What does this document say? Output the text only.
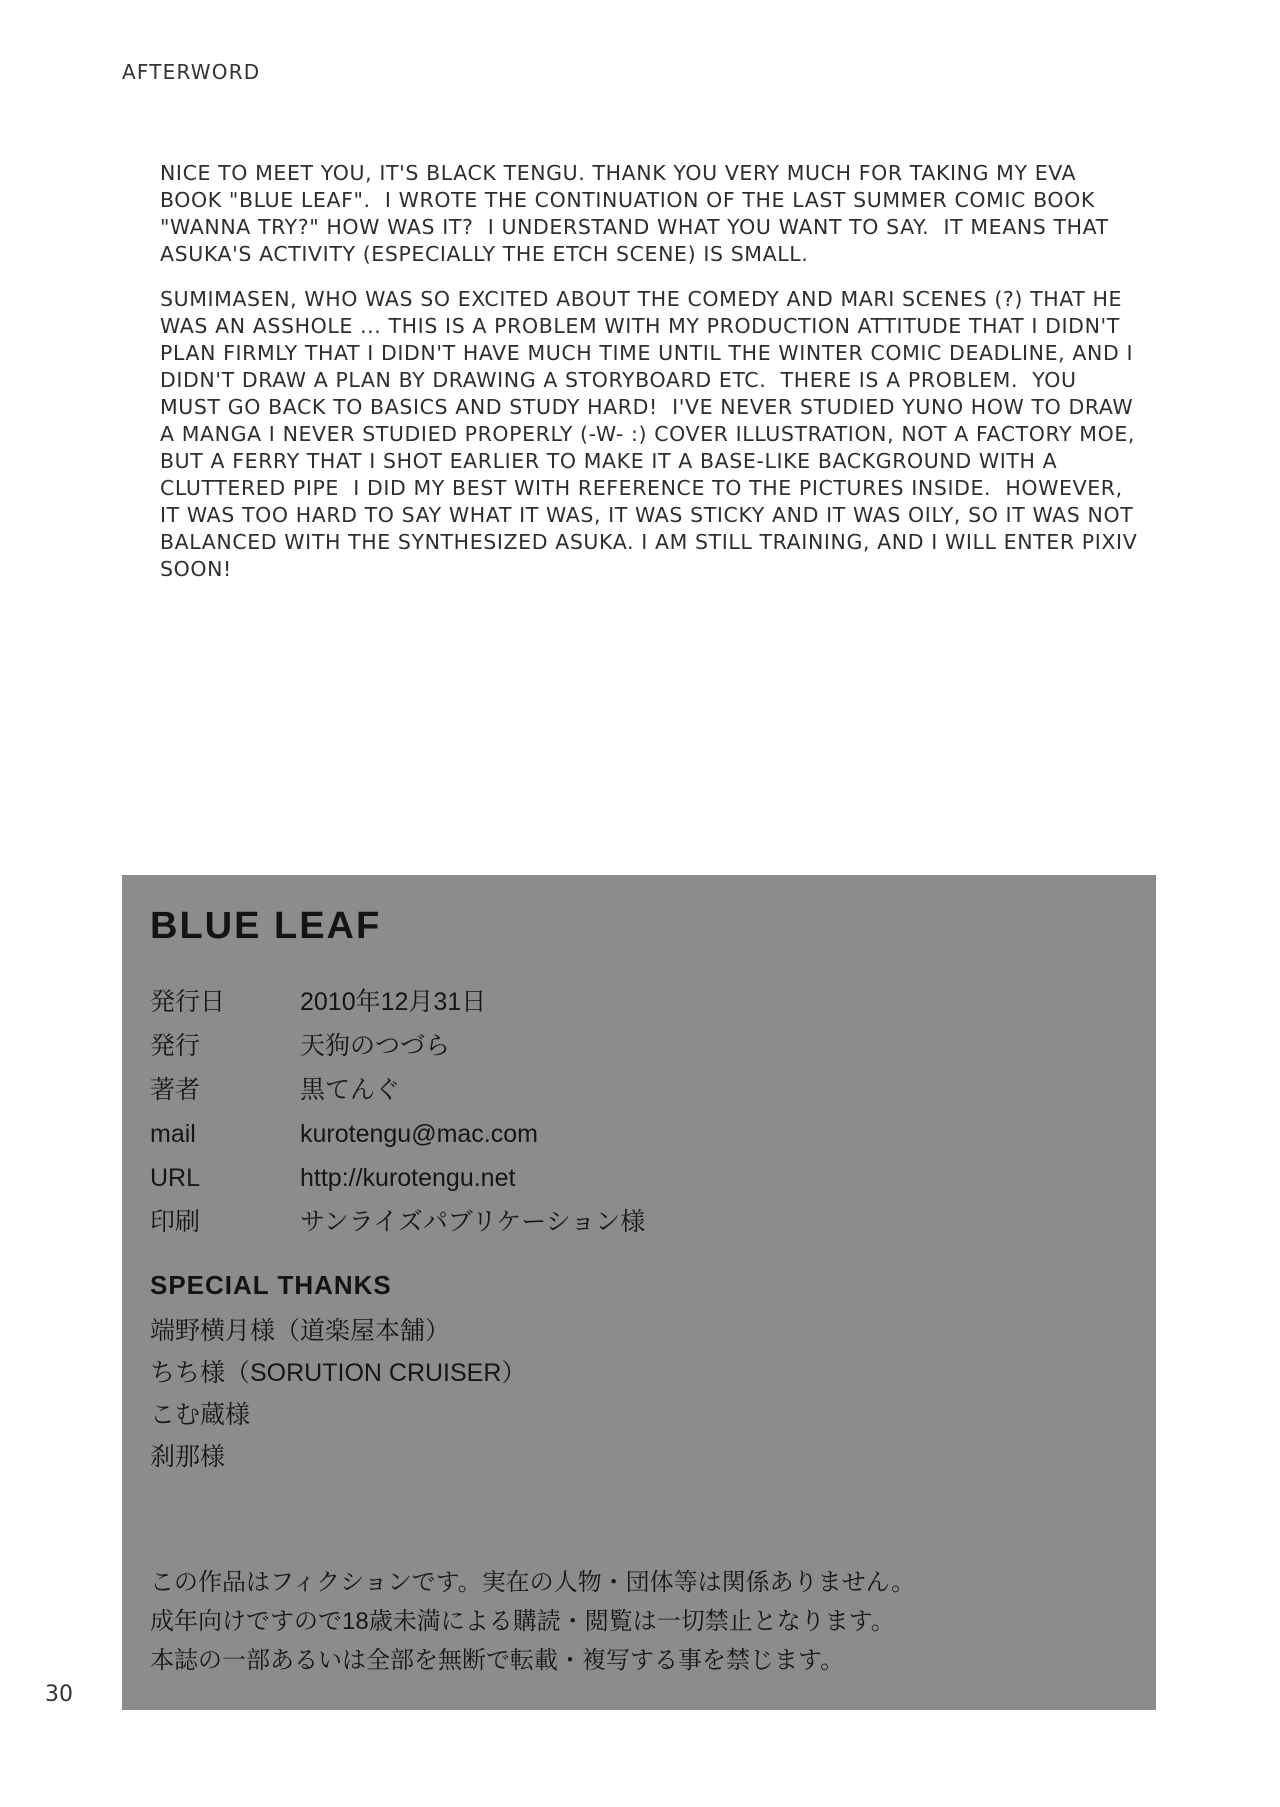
AFTERWORD

NICE TO MEET YOU, IT'S BLACK TENGU. THANK YOU VERY MUCH FOR TAKING MY EVA BOOK "BLUE LEAF".  I WROTE THE CONTINUATION OF THE LAST SUMMER COMIC BOOK "WANNA TRY?" HOW WAS IT?  I UNDERSTAND WHAT YOU WANT TO SAY.  IT MEANS THAT ASUKA'S ACTIVITY (ESPECIALLY THE ETCH SCENE) IS SMALL.

SUMIMASEN, WHO WAS SO EXCITED ABOUT THE COMEDY AND MARI SCENES (?) THAT HE WAS AN ASSHOLE ... THIS IS A PROBLEM WITH MY PRODUCTION ATTITUDE THAT I DIDN'T PLAN FIRMLY THAT I DIDN'T HAVE MUCH TIME UNTIL THE WINTER COMIC DEADLINE, AND I DIDN'T DRAW A PLAN BY DRAWING A STORYBOARD ETC.  THERE IS A PROBLEM.  YOU MUST GO BACK TO BASICS AND STUDY HARD!  I'VE NEVER STUDIED YUNO HOW TO DRAW A MANGA I NEVER STUDIED PROPERLY (-W- :) COVER ILLUSTRATION, NOT A FACTORY MOE, BUT A FERRY THAT I SHOT EARLIER TO MAKE IT A BASE-LIKE BACKGROUND WITH A CLUTTERED PIPE  I DID MY BEST WITH REFERENCE TO THE PICTURES INSIDE.  HOWEVER, IT WAS TOO HARD TO SAY WHAT IT WAS, IT WAS STICKY AND IT WAS OILY, SO IT WAS NOT BALANCED WITH THE SYNTHESIZED ASUKA. I AM STILL TRAINING, AND I WILL ENTER PIXIV SOON!

BLUE LEAF
発行日	2010年12月31日
発行	天狗のつづら
著者	黒てんぐ
mail	kurotengu@mac.com
URL	http://kurotengu.net
印刷	サンライズパブリケーション様
SPECIAL THANKS
端野横月様（道楽屋本舗）
ちち様（SORUTION CRUISER）
こむ蔵様
刹那様
この作品はフィクションです。実在の人物・団体等は関係ありません。
成年向けですので18歳未満による購読・閲覧は一切禁止となります。
本誌の一部あるいは全部を無断で転載・複写する事を禁じます。
30
